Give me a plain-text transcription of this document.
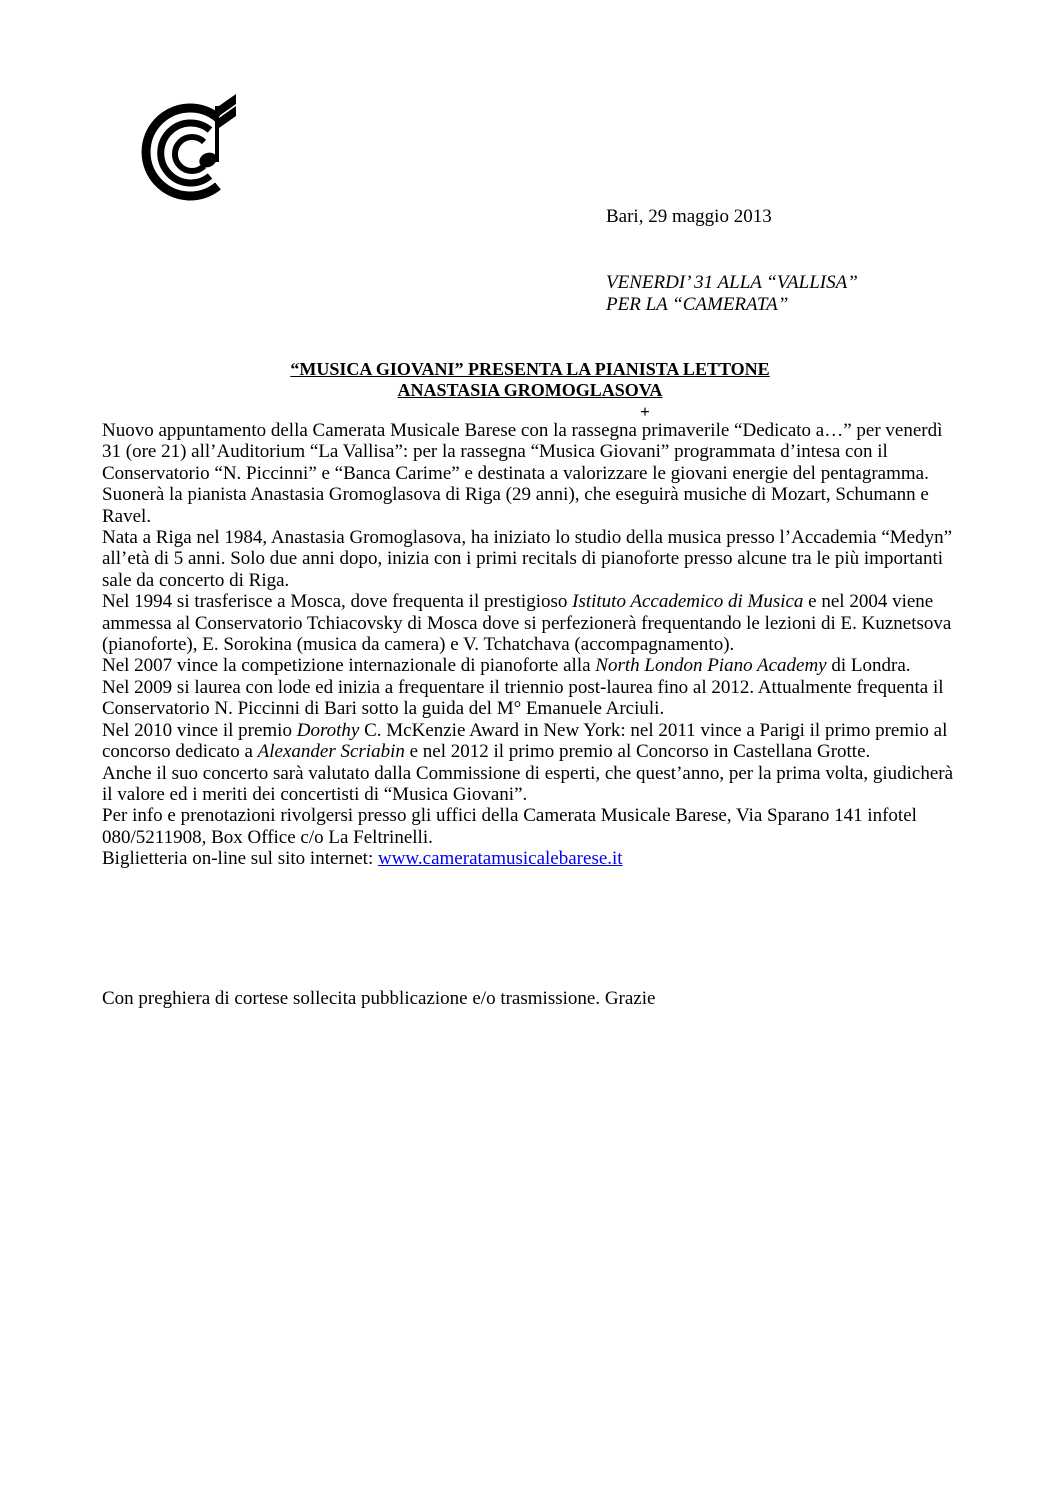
Bari, 29 maggio 2013
VENERDI’ 31 ALLA “VALLISA”
PER LA “CAMERATA”
“MUSICA GIOVANI” PRESENTA LA PIANISTA LETTONE
ANASTASIA GROMOGLASOVA
+

Nuovo appuntamento della Camerata Musicale Barese con la rassegna primaverile “Dedicato a…” per venerdì 31 (ore 21) all’Auditorium “La Vallisa”: per la rassegna “Musica Giovani” programmata d’intesa con il Conservatorio “N. Piccinni” e “Banca Carime” e destinata a valorizzare le giovani energie del pentagramma. Suonerà la pianista Anastasia Gromoglasova di Riga (29 anni), che eseguirà musiche di Mozart, Schumann e Ravel.

Nata a Riga nel 1984, Anastasia Gromoglasova, ha iniziato lo studio della musica presso l’Accademia “Medyn” all’età di 5 anni. Solo due anni dopo, inizia con i primi recitals di pianoforte presso alcune tra le più importanti sale da concerto di Riga.

Nel 1994 si trasferisce a Mosca, dove frequenta il prestigioso Istituto Accademico di Musica e nel 2004 viene ammessa al Conservatorio Tchiacovsky di Mosca dove si perfezionerà frequentando le lezioni di E. Kuznetsova (pianoforte), E. Sorokina (musica da camera) e V. Tchatchava (accompagnamento).

Nel 2007 vince la competizione internazionale di pianoforte alla North London Piano Academy di Londra.

Nel 2009 si laurea con lode ed inizia a frequentare il triennio post-laurea fino al 2012. Attualmente frequenta il Conservatorio N. Piccinni di Bari sotto la guida del M° Emanuele Arciuli.

Nel 2010 vince il premio Dorothy C. McKenzie Award in New York: nel 2011 vince a Parigi il primo premio al concorso dedicato a Alexander Scriabin e nel 2012 il primo premio al Concorso in Castellana Grotte.

Anche il suo concerto sarà valutato dalla Commissione di esperti, che quest’anno, per la prima volta, giudicherà il valore ed i meriti dei concertisti di “Musica Giovani”.

Per info e prenotazioni rivolgersi presso gli uffici della Camerata Musicale Barese, Via Sparano 141 infotel 080/5211908, Box Office c/o La Feltrinelli.

Biglietteria on-line sul sito internet: www.cameratamusicalebarese.it

Con preghiera di cortese sollecita pubblicazione e/o trasmissione. Grazie
